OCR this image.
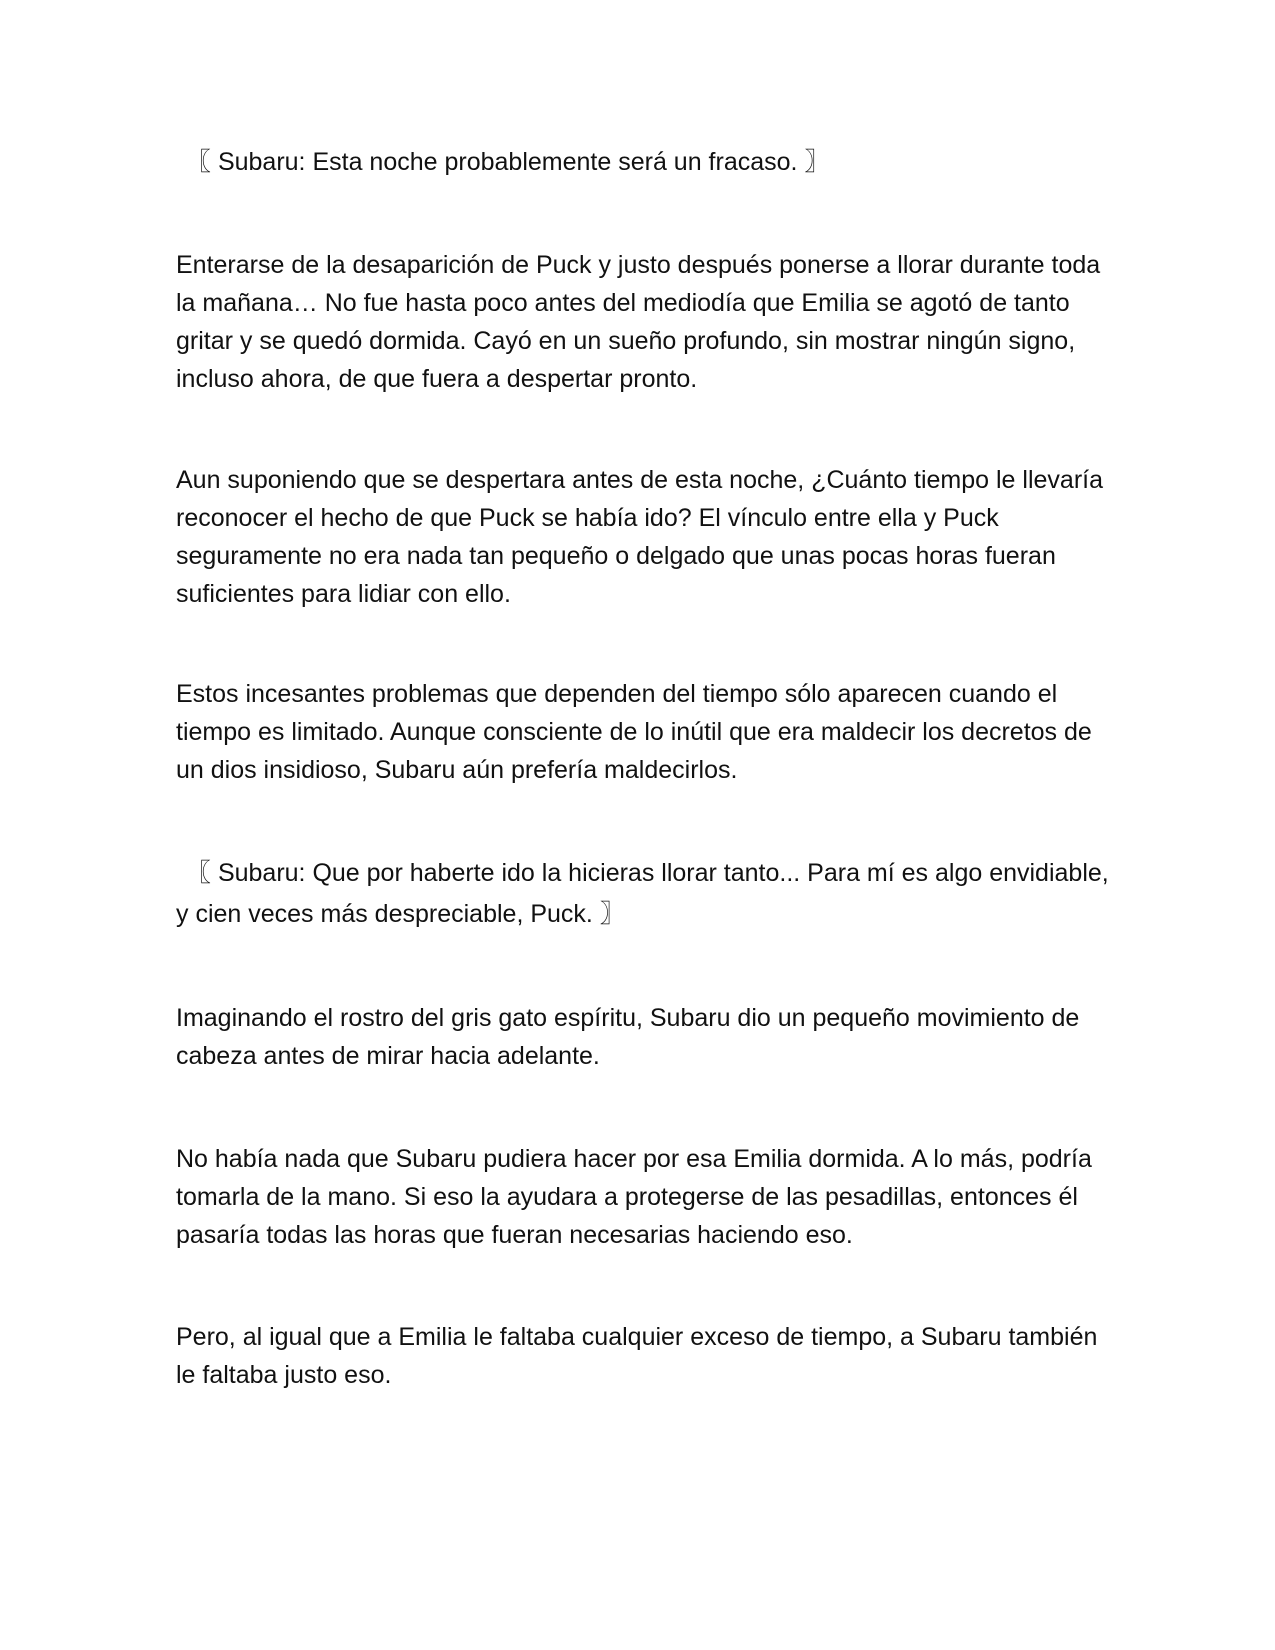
〖 Subaru: Esta noche probablemente será un fracaso. 〗

Enterarse de la desaparición de Puck y justo después ponerse a llorar durante toda la mañana… No fue hasta poco antes del mediodía que Emilia se agotó de tanto gritar y se quedó dormida. Cayó en un sueño profundo, sin mostrar ningún signo, incluso ahora, de que fuera a despertar pronto.

Aun suponiendo que se despertara antes de esta noche, ¿Cuánto tiempo le llevaría reconocer el hecho de que Puck se había ido? El vínculo entre ella y Puck seguramente no era nada tan pequeño o delgado que unas pocas horas fueran suficientes para lidiar con ello.

Estos incesantes problemas que dependen del tiempo sólo aparecen cuando el tiempo es limitado. Aunque consciente de lo inútil que era maldecir los decretos de un dios insidioso, Subaru aún prefería maldecirlos.

〖 Subaru: Que por haberte ido la hicieras llorar tanto... Para mí es algo envidiable, y cien veces más despreciable, Puck. 〗

Imaginando el rostro del gris gato espíritu, Subaru dio un pequeño movimiento de cabeza antes de mirar hacia adelante.

No había nada que Subaru pudiera hacer por esa Emilia dormida. A lo más, podría tomarla de la mano. Si eso la ayudara a protegerse de las pesadillas, entonces él pasaría todas las horas que fueran necesarias haciendo eso.

Pero, al igual que a Emilia le faltaba cualquier exceso de tiempo, a Subaru también le faltaba justo eso.
